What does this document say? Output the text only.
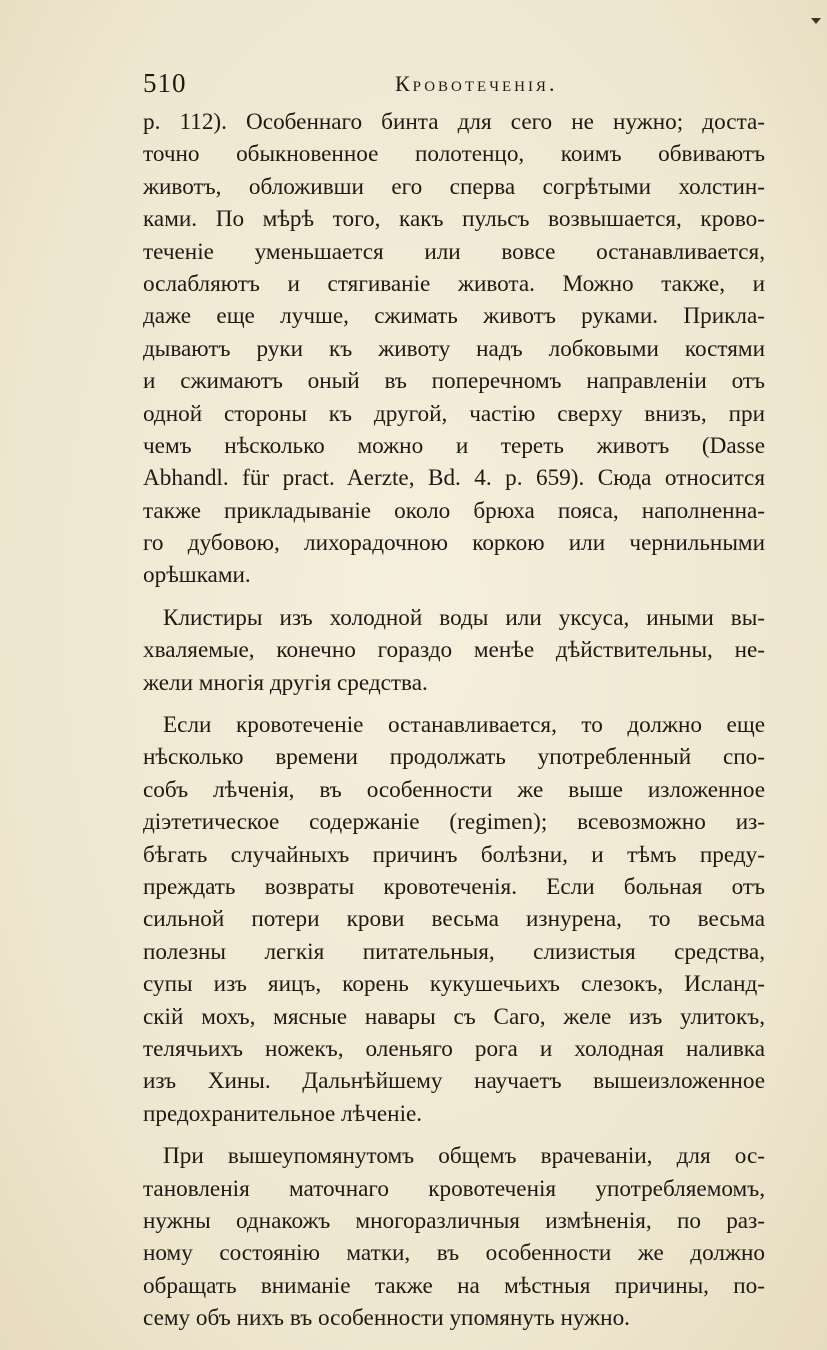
510	Кровотеченія.
р. 112). Особеннаго бинта для сего не нужно; доста-
точно обыкновенное полотенцо, коимъ обвиваютъ
животъ, обложивши его сперва согрѣтыми холстин-
ками. По мѣрѣ того, какъ пульсъ возвышается, крово-
теченіе уменьшается или вовсе останавливается,
ослабляютъ и стягиваніе живота. Можно также, и
даже еще лучше, сжимать животъ руками. Прикла-
дываютъ руки къ животу надъ лобковыми костями
и сжимаютъ оный въ поперечномъ направленіи отъ
одной стороны къ другой, частію сверху внизъ, при
чемъ нѣсколько можно и тереть животъ (Dasse
Abhandl. für pract. Aerzte, Bd. 4. р. 659). Сюда относится
также прикладываніе около брюха пояса, наполненна-
го дубовою, лихорадочною коркою или чернильными
орѣшками.
Клистиры изъ холодной воды или уксуса, иными вы-
хваляемые, конечно гораздо менѣе дѣйствительны, не-
жели многія другія средства.
Если кровотеченіе останавливается, то должно еще
нѣсколько времени продолжать употребленный спо-
собъ лѣченія, въ особенности же выше изложенное
діэтетическое содержаніе (regimen); всевозможно из-
бѣгать случайныхъ причинъ болѣзни, и тѣмъ преду-
преждать возвраты кровотеченія. Если больная отъ
сильной потери крови весьма изнурена, то весьма
полезны легкія питательныя, слизистыя средства,
супы изъ яицъ, корень кукушечьихъ слезокъ, Исланд-
скій мохъ, мясные навары съ Саго, желе изъ улитокъ,
телячьихъ ножекъ, оленьяго рога и холодная наливка
изъ Хины. Дальнѣйшему научаетъ вышеизложенное
предохранительное лѣченіе.
При вышеупомянутомъ общемъ врачеваніи, для ос-
тановленія маточнаго кровотеченія употребляемомъ,
нужны однакожъ многоразличныя измѣненія, по раз-
ному состоянію матки, въ особенности же должно
обращать вниманіе также на мѣстныя причины, по-
сему объ нихъ въ особенности упомянуть нужно.
